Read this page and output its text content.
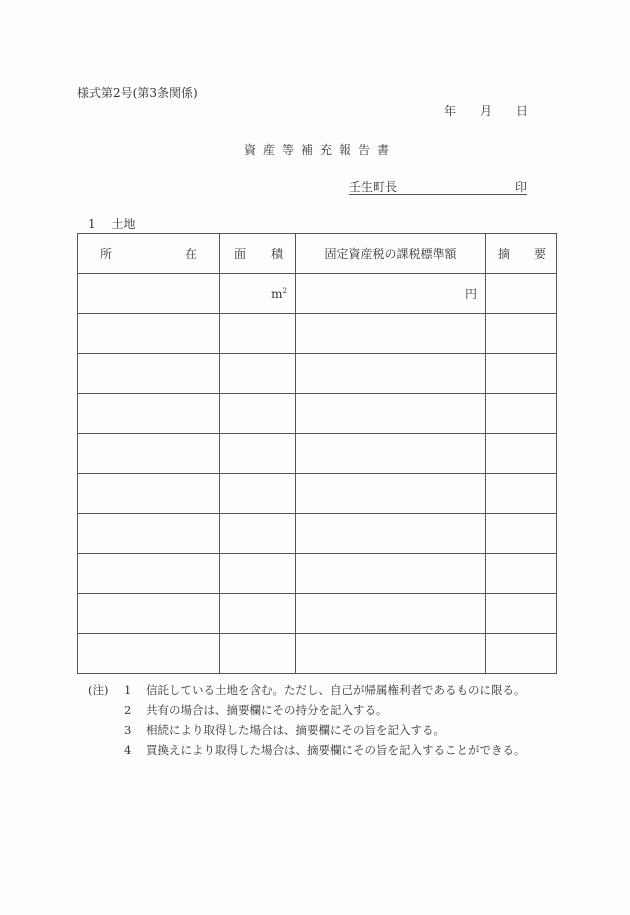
様式第2号(第3条関係)
年 月 日
資産等補充報告書
壬生町長	印
1 土地
所 在	面 積	固定資産税の課税標準額	摘 要

	$m^2$	円	

(注)	1	信託している土地を含む。ただし、自己が帰属権利者であるものに限る。
2	共有の場合は、摘要欄にその持分を記入する。
3	相続により取得した場合は、摘要欄にその旨を記入する。
4	買換えにより取得した場合は、摘要欄にその旨を記入することができる。
